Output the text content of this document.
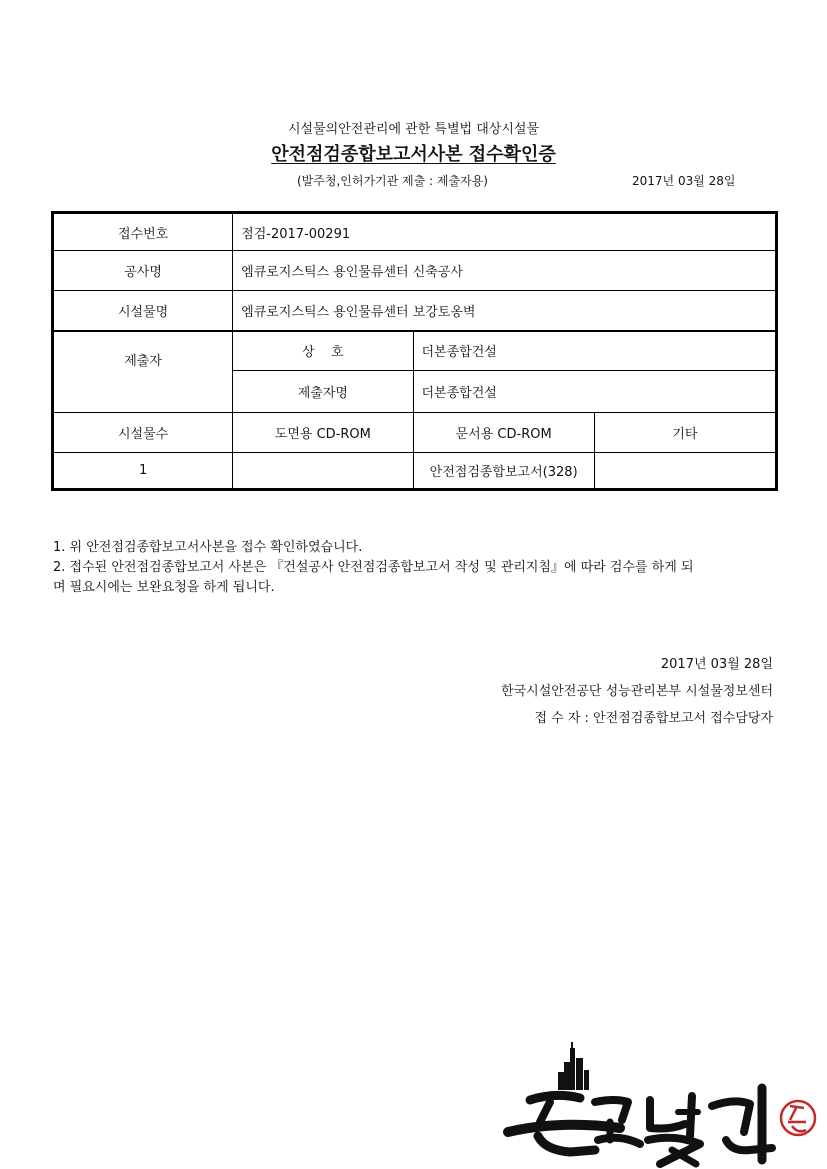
시설물의안전관리에 관한 특별법 대상시설물
안전점검종합보고서사본 접수확인증
(발주청,인허가기관 제출 : 제출자용)	2017년 03월 28일
접수번호	점검-2017-00291		
공사명	엠큐로지스틱스 용인물류센터 신축공사		
시설물명	엠큐로지스틱스 용인물류센터 보강토옹벽		
제출자	상    호	더본종합건설	
	제출자명	더본종합건설	
시설물수	도면용 CD-ROM	문서용 CD-ROM	기타
1		안전점검종합보고서(328)	
1. 위 안전점검종합보고서사본을 접수 확인하였습니다.
2. 접수된 안전점검종합보고서 사본은 『건설공사 안전점검종합보고서 작성 및 관리지침』에 따라 검수를 하게 되
며 필요시에는 보완요청을 하게 됩니다.
2017년 03월 28일
한국시설안전공단 성능관리본부 시설물정보센터
접 수 자 : 안전점검종합보고서 접수담당자
